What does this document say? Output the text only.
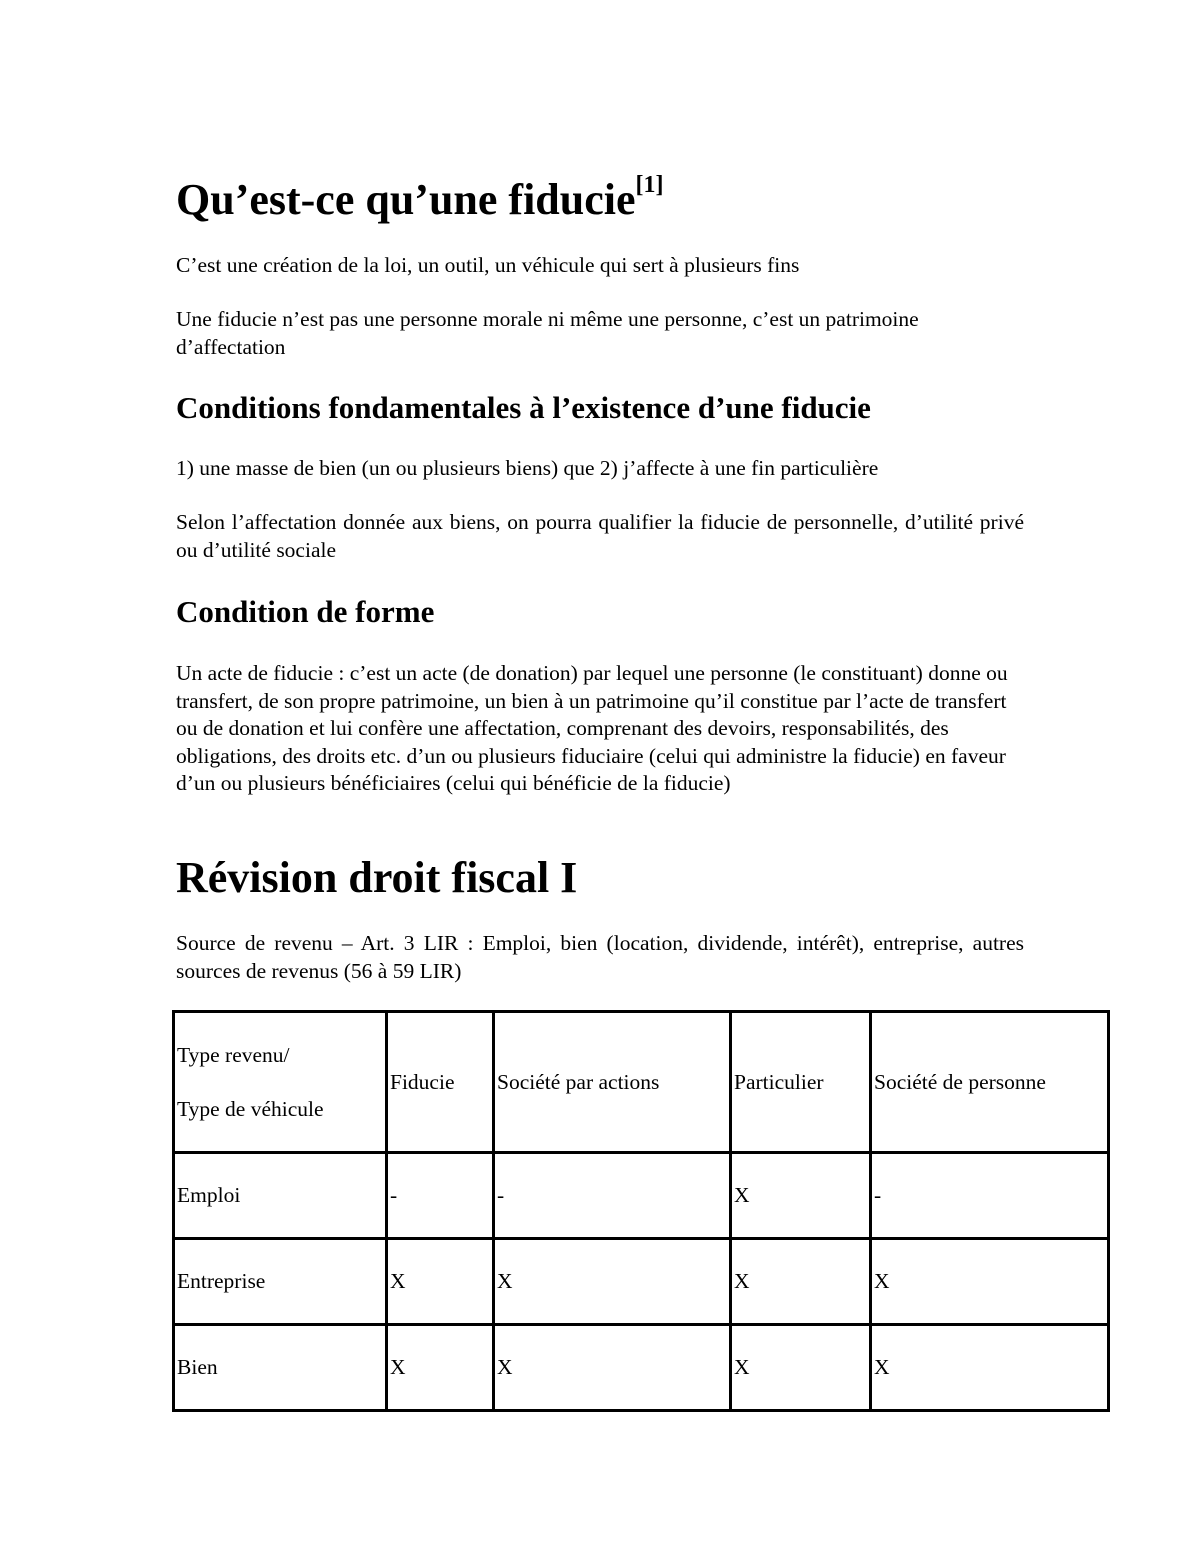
Qu’est-ce qu’une fiducie[1]
C’est une création de la loi, un outil, un véhicule qui sert à plusieurs fins
Une fiducie n’est pas une personne morale ni même une personne, c’est un patrimoine d’affectation
Conditions fondamentales à l’existence d’une fiducie
1) une masse de bien (un ou plusieurs biens) que 2) j’affecte à une fin particulière
Selon l’affectation donnée aux biens, on pourra qualifier la fiducie de personnelle, d’utilité privé ou d’utilité sociale
Condition de forme
Un acte de fiducie : c’est un acte (de donation) par lequel une personne (le constituant) donne ou transfert, de son propre patrimoine, un bien à un patrimoine qu’il constitue par l’acte de transfert ou de donation et lui confère une affectation, comprenant des devoirs, responsabilités, des obligations, des droits etc. d’un ou plusieurs fiduciaire (celui qui administre la fiducie) en faveur d’un ou plusieurs bénéficiaires (celui qui bénéficie de la fiducie)
Révision droit fiscal I
Source de revenu – Art. 3 LIR : Emploi, bien (location, dividende, intérêt), entreprise, autres sources de revenus (56 à 59 LIR)
Type revenu/
Type de véhicule	Fiducie	Société par actions	Particulier	Société de personne
Emploi	-	-	X	-
Entreprise	X	X	X	X
Bien	X	X	X	X
